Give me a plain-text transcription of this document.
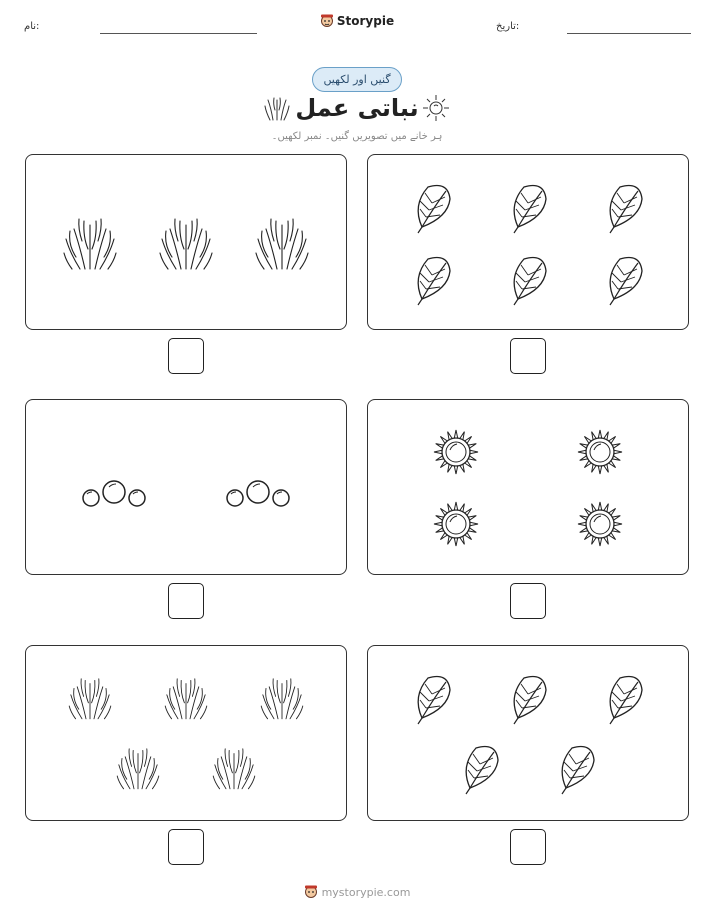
نام:	تاریخ:
Storypie
گنیں اور لکھیں
نباتی عمل
ہر خانے میں تصویریں گنیں۔ نمبر لکھیں۔
mystorypie.com
